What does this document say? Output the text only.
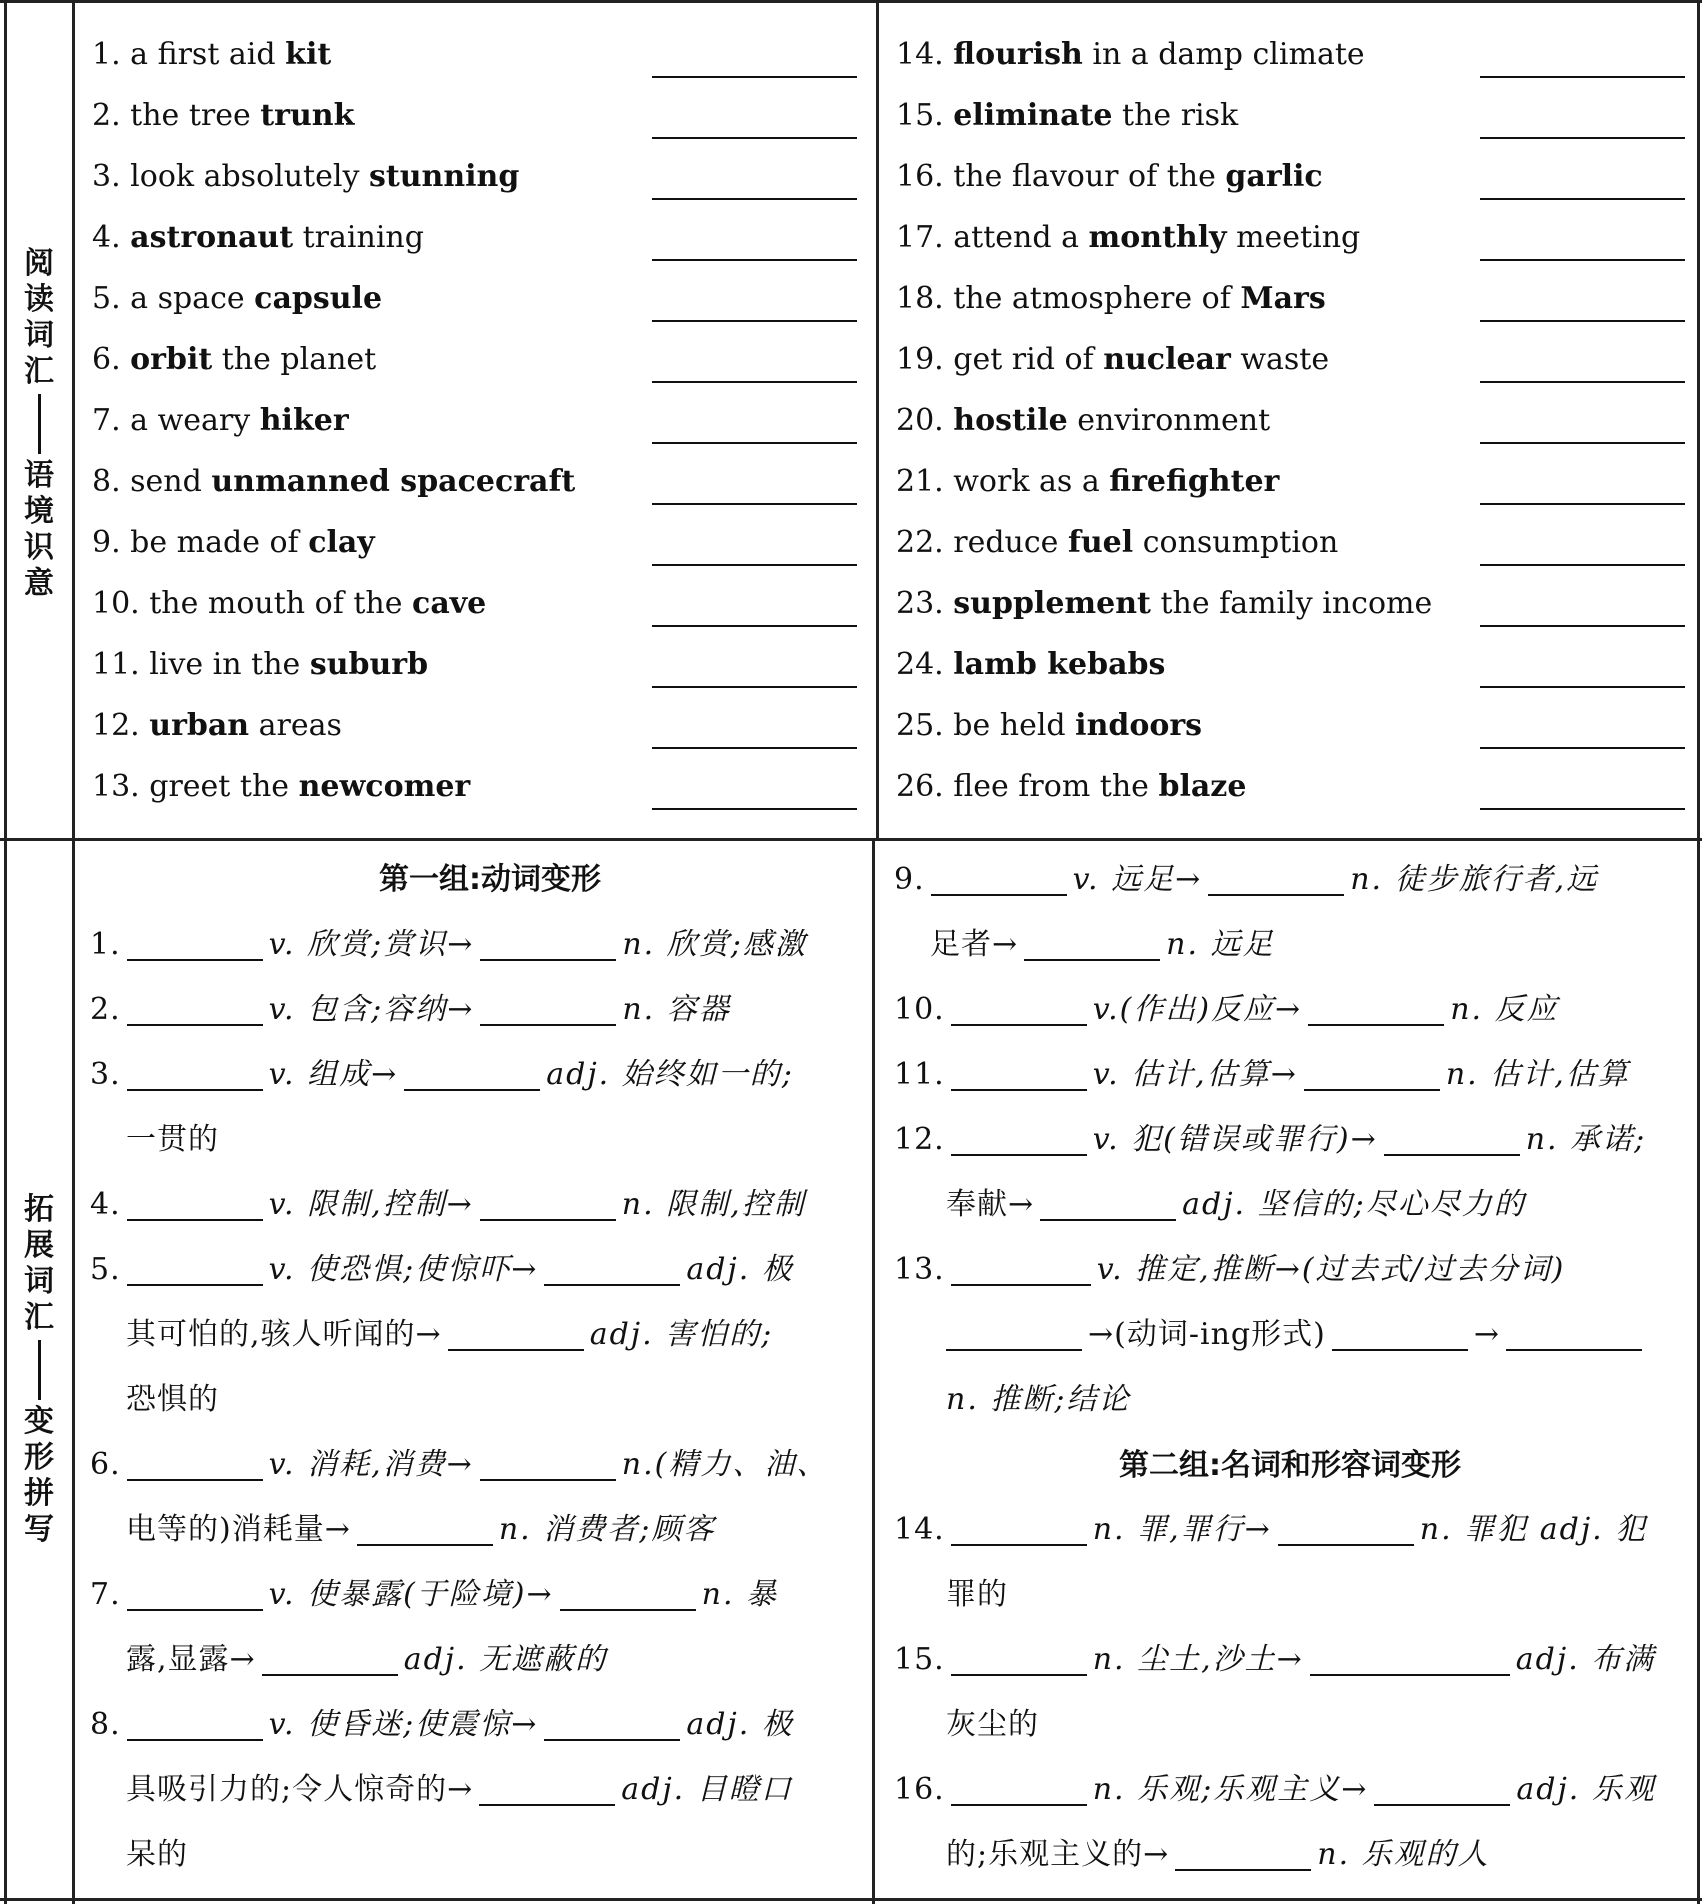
阅
读
词
汇
语
境
识
意
1. a first aid kit
2. the tree trunk
3. look absolutely stunning
4. astronaut training
5. a space capsule
6. orbit the planet
7. a weary hiker
8. send unmanned spacecraft
9. be made of clay
10. the mouth of the cave
11. live in the suburb
12. urban areas
13. greet the newcomer
14. flourish in a damp climate
15. eliminate the risk
16. the flavour of the garlic
17. attend a monthly meeting
18. the atmosphere of Mars
19. get rid of nuclear waste
20. hostile environment
21. work as a firefighter
22. reduce fuel consumption
23. supplement the family income
24. lamb kebabs
25. be held indoors
26. flee from the blaze
拓
展
词
汇
变
形
拼
写
第一组:动词变形
第二组:名词和形容词变形
1.	v. 欣赏;赏识→	n. 欣赏;感激
2.	v. 包含;容纳→	n. 容器
3.	v. 组成→	adj. 始终如一的;
一贯的
4.	v. 限制,控制→	n. 限制,控制
5.	v. 使恐惧;使惊吓→	adj. 极
其可怕的,骇人听闻的→	adj. 害怕的;
恐惧的
6.	v. 消耗,消费→	n.(精力、油、
电等的)消耗量→	n. 消费者;顾客
7.	v. 使暴露(于险境)→	n. 暴
露,显露→	adj. 无遮蔽的
8.	v. 使昏迷;使震惊→	adj. 极
具吸引力的;令人惊奇的→	adj. 目瞪口
呆的
9.	v. 远足→	n. 徒步旅行者,远
足者→	n. 远足
10.	v.(作出)反应→	n. 反应
11.	v. 估计,估算→	n. 估计,估算
12.	v. 犯(错误或罪行)→	n. 承诺;
奉献→	adj. 坚信的;尽心尽力的
13.	v. 推定,推断→(过去式/过去分词)
→(动词-ing形式)	→
n. 推断;结论
14.	n. 罪,罪行→	n. 罪犯 adj. 犯
罪的
15.	n. 尘土,沙土→	adj. 布满
灰尘的
16.	n. 乐观;乐观主义→	adj. 乐观
的;乐观主义的→	n. 乐观的人
